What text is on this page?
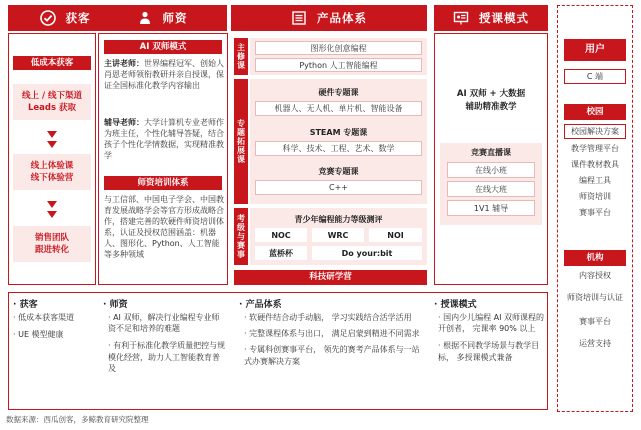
获客	师资	产品体系	授课模式
低成本获客
线上 / 线下渠道
Leads 获取
线上体验课
线下体验营
销售团队
跟进转化
AI 双师模式
主讲老师：世界编程冠军、创始人肖恩老师领衔教研并亲自授课，保证全国标准化教学内容输出
辅导老师：大学计算机专业老师作为班主任，个性化辅导答疑，结合孩子个性化学情数据，实现精准教学
师资培训体系
与工信部、中国电子学会、中国教育发展战略学会等官方形成战略合作，搭建完善的软硬件师资培训体系，认证及授权范围涵盖：机器人、图形化、Python、人工智能等多种领域
主修课	图形化创意编程
Python 人工智能编程
专题拓展课
硬件专题课
机器人、无人机、单片机、智能设备
STEAM 专题课
科学、技术、工程、艺术、数学
竞赛专题课
C++
考级与赛事	青少年编程能力等级测评
NOC	WRC	NOI
蓝桥杯	Do your:bit
科技研学营
AI 双师 + 大数据
辅助精准教学
竞赛直播课
在线小班
在线大班
1V1 辅导
用户
C 端
校园
校园解决方案
教学管理平台
课件教材教具
编程工具
师资培训
赛事平台
机构
内容授权
师资培训与认证
赛事平台
运营支持
· 获客
· 低成本获客渠道
· UE 模型健康
· 师资
· AI 双师，解决行业编程专业师资不足和培养的难题
· 有利于标准化教学质量把控与规模化经营，助力人工智能教育普及
· 产品体系
· 软硬件结合动手动脑， 学习实践结合活学活用
· 完整课程体系与出口， 满足启蒙到精进不同需求
· 专属科创赛事平台， 领先的赛考产品体系与一站式办赛解决方案
· 授课模式
· 国内少儿编程 AI 双师课程的开创者， 完课率 90% 以上
· 根据不同教学场景与教学目标， 多授课模式兼备
数据来源：西瓜创客，多鲸教育研究院整理
